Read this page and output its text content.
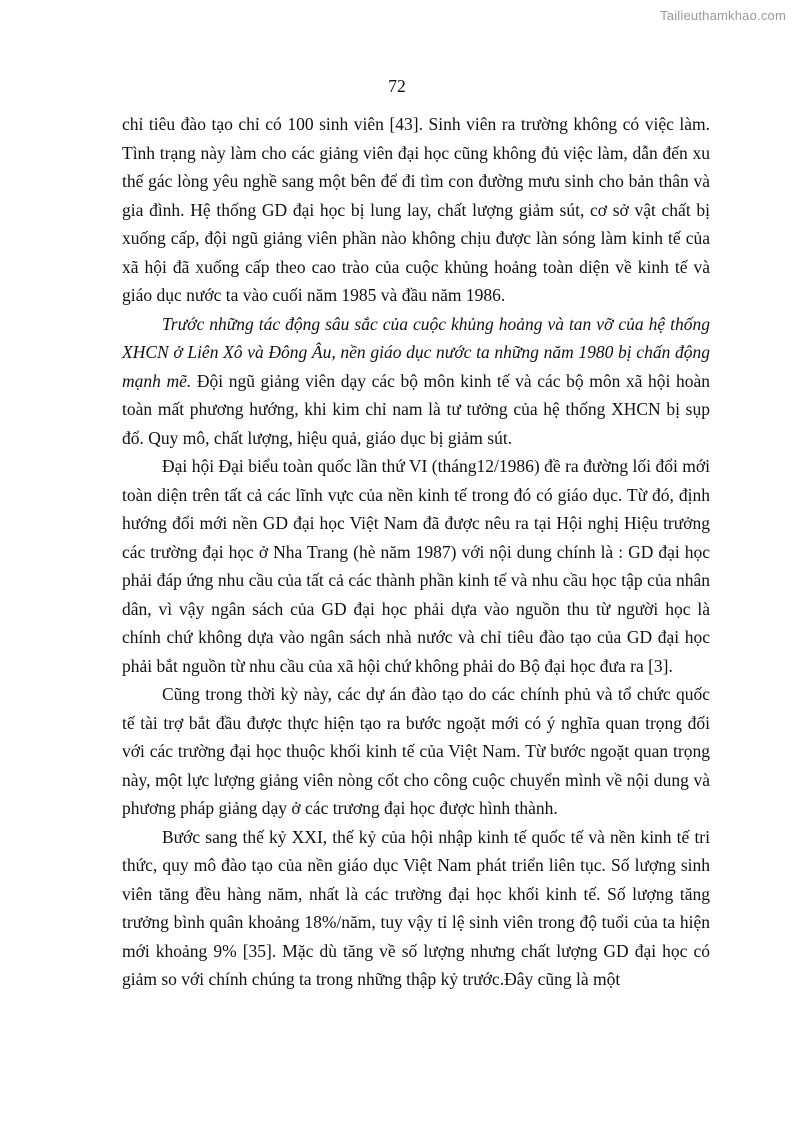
Tailieuthamkhao.com
72

chỉ tiêu đào tạo chỉ có 100 sinh viên [43]. Sinh viên ra trường không có việc làm. Tình trạng này làm cho các giảng viên đại học cũng không đủ việc làm, dẫn đến xu thế gác lòng yêu nghề sang một bên để đi tìm con đường mưu sinh cho bản thân và gia đình. Hệ thống GD đại học bị lung lay, chất lượng giảm sút, cơ sở vật chất bị xuống cấp, đội ngũ giảng viên phần nào không chịu được làn sóng làm kinh tế của xã hội đã xuống cấp theo cao trào của cuộc khủng hoảng toàn diện về kinh tế và giáo dục nước ta vào cuối năm 1985 và đầu năm 1986.

Trước những tác động sâu sắc của cuộc khủng hoảng và tan vỡ của hệ thống XHCN ở Liên Xô và Đông Âu, nền giáo dục nước ta những năm 1980 bị chấn động mạnh mẽ. Đội ngũ giảng viên dạy các bộ môn kinh tế và các bộ môn xã hội hoàn toàn mất phương hướng, khi kim chỉ nam là tư tưởng của hệ thống XHCN bị sụp đổ. Quy mô, chất lượng, hiệu quả, giáo dục bị giảm sút.

Đại hội Đại biểu toàn quốc lần thứ VI (tháng12/1986) đề ra đường lối đổi mới toàn diện trên tất cả các lĩnh vực của nền kinh tế trong đó có giáo dục. Từ đó, định hướng đổi mới nền GD đại học Việt Nam đã được nêu ra tại Hội nghị Hiệu trưởng các trường đại học ở Nha Trang (hè năm 1987) với nội dung chính là : GD đại học phải đáp ứng nhu cầu của tất cả các thành phần kinh tế và nhu cầu học tập của nhân dân, vì vậy ngân sách của GD đại học phải dựa vào nguồn thu từ người học là chính chứ không dựa vào ngân sách nhà nước và chỉ tiêu đào tạo của GD đại học phải bắt nguồn từ nhu cầu của xã hội chứ không phải do Bộ đại học đưa ra [3].

Cũng trong thời kỳ này, các dự án đào tạo do các chính phủ và tổ chức quốc tế tài trợ bắt đầu được thực hiện tạo ra bước ngoặt mới có ý nghĩa quan trọng đối với các trường đại học thuộc khối kinh tế của Việt Nam. Từ bước ngoặt quan trọng này, một lực lượng giảng viên nòng cốt cho công cuộc chuyển mình về nội dung và phương pháp giảng dạy ở các trương đại học được hình thành.

Bước sang thế kỷ XXI, thế kỷ của hội nhập kinh tế quốc tế và nền kinh tế tri thức, quy mô đào tạo của nền giáo dục Việt Nam phát triển liên tục. Số lượng sinh viên tăng đều hàng năm, nhất là các trường đại học khối kinh tế. Số lượng tăng trưởng bình quân khoảng 18%/năm, tuy vậy tỉ lệ sinh viên trong độ tuổi của ta hiện mới khoảng 9% [35]. Mặc dù tăng về số lượng nhưng chất lượng GD đại học có giảm so với chính chúng ta trong những thập kỷ trước.Đây cũng là một
